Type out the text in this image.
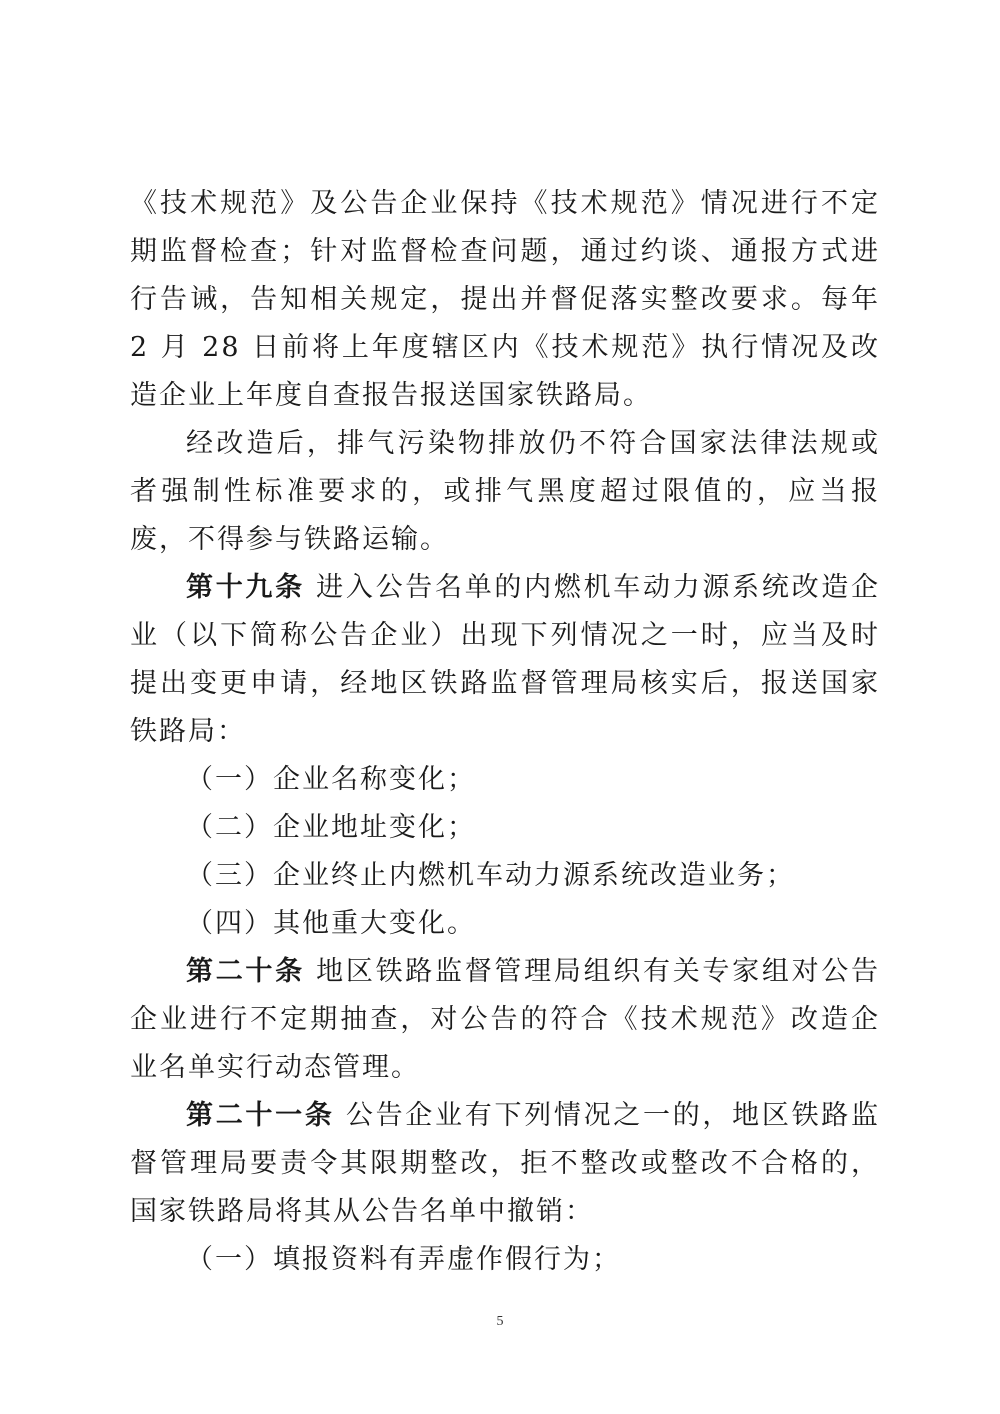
《技术规范》及公告企业保持《技术规范》情况进行不定期监督检查；针对监督检查问题，通过约谈、通报方式进行告诫，告知相关规定，提出并督促落实整改要求。每年 2 月 28 日前将上年度辖区内《技术规范》执行情况及改造企业上年度自查报告报送国家铁路局。

经改造后，排气污染物排放仍不符合国家法律法规或者强制性标准要求的，或排气黑度超过限值的，应当报废，不得参与铁路运输。

第十九条 进入公告名单的内燃机车动力源系统改造企业（以下简称公告企业）出现下列情况之一时，应当及时提出变更申请，经地区铁路监督管理局核实后，报送国家铁路局：

（一）企业名称变化；

（二）企业地址变化；

（三）企业终止内燃机车动力源系统改造业务；

（四）其他重大变化。

第二十条 地区铁路监督管理局组织有关专家组对公告企业进行不定期抽查，对公告的符合《技术规范》改造企业名单实行动态管理。

第二十一条 公告企业有下列情况之一的，地区铁路监督管理局要责令其限期整改，拒不整改或整改不合格的，国家铁路局将其从公告名单中撤销：

（一）填报资料有弄虚作假行为；

5
